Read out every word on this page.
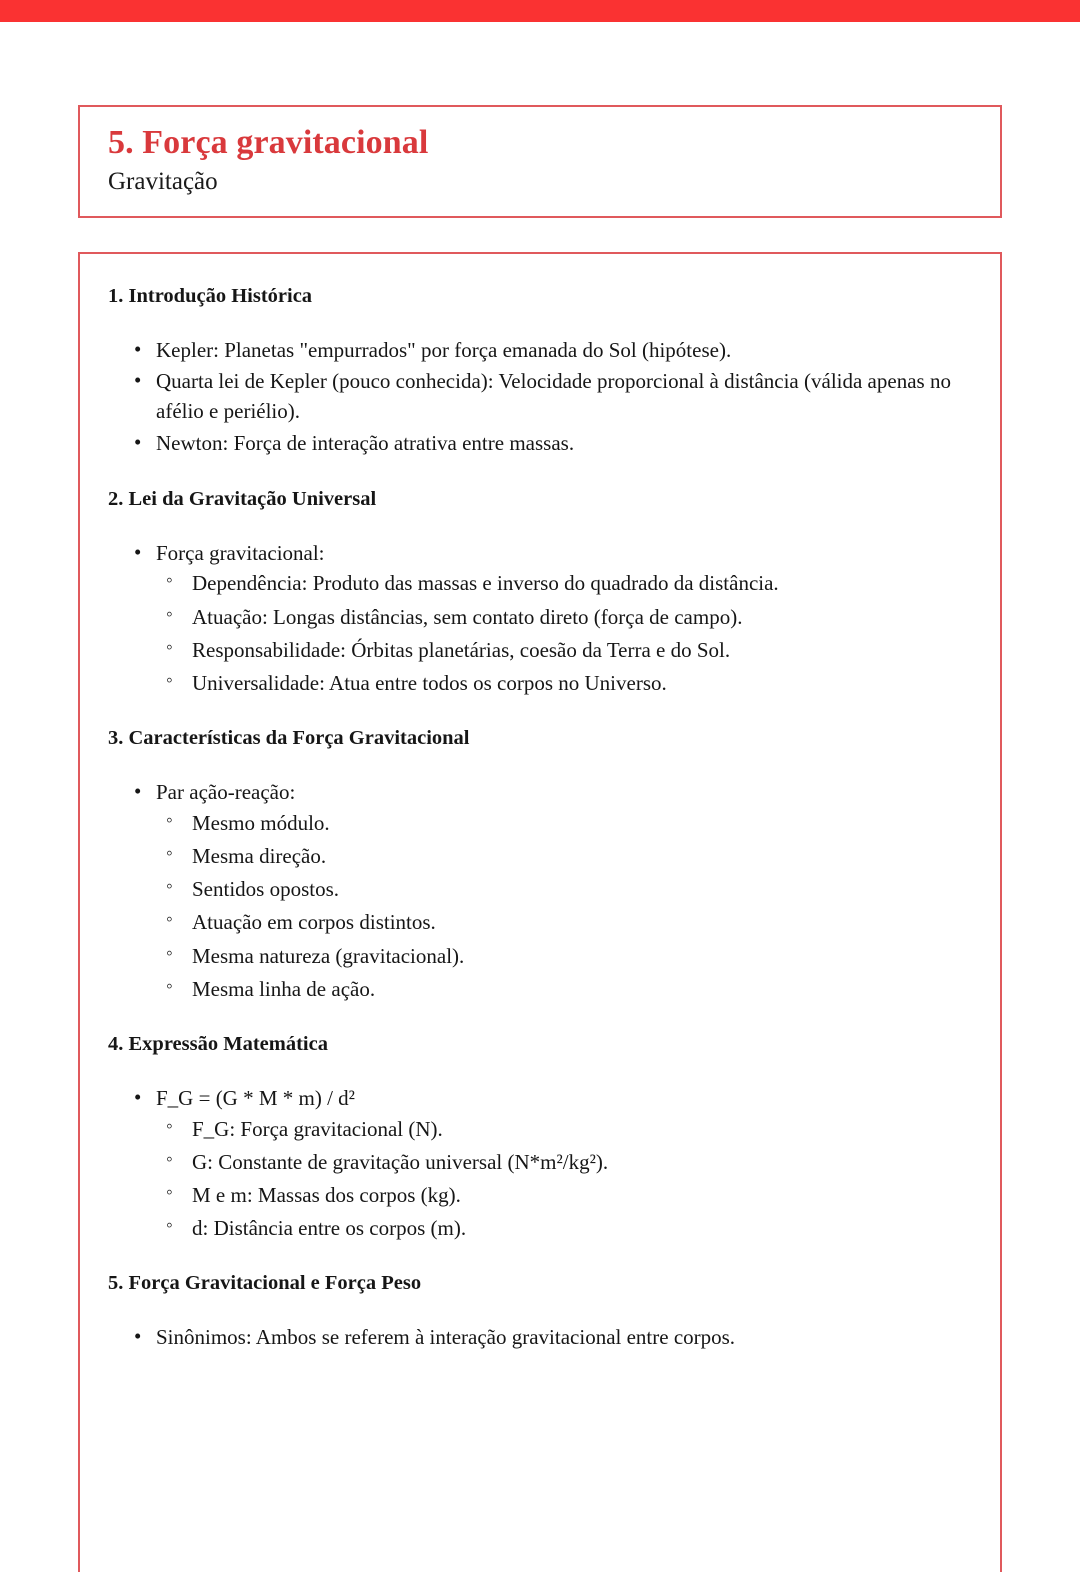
5. Força gravitacional
Gravitação
1. Introdução Histórica
• Kepler: Planetas "empurrados" por força emanada do Sol (hipótese).
• Quarta lei de Kepler (pouco conhecida): Velocidade proporcional à distância (válida apenas no afélio e periélio).
• Newton: Força de interação atrativa entre massas.
2. Lei da Gravitação Universal
• Força gravitacional:
◦ Dependência: Produto das massas e inverso do quadrado da distância.
◦ Atuação: Longas distâncias, sem contato direto (força de campo).
◦ Responsabilidade: Órbitas planetárias, coesão da Terra e do Sol.
◦ Universalidade: Atua entre todos os corpos no Universo.
3. Características da Força Gravitacional
• Par ação-reação:
◦ Mesmo módulo.
◦ Mesma direção.
◦ Sentidos opostos.
◦ Atuação em corpos distintos.
◦ Mesma natureza (gravitacional).
◦ Mesma linha de ação.
4. Expressão Matemática
• F_G = (G * M * m) / d²
◦ F_G: Força gravitacional (N).
◦ G: Constante de gravitação universal (N*m²/kg²).
◦ M e m: Massas dos corpos (kg).
◦ d: Distância entre os corpos (m).
5. Força Gravitacional e Força Peso
• Sinônimos: Ambos se referem à interação gravitacional entre corpos.
